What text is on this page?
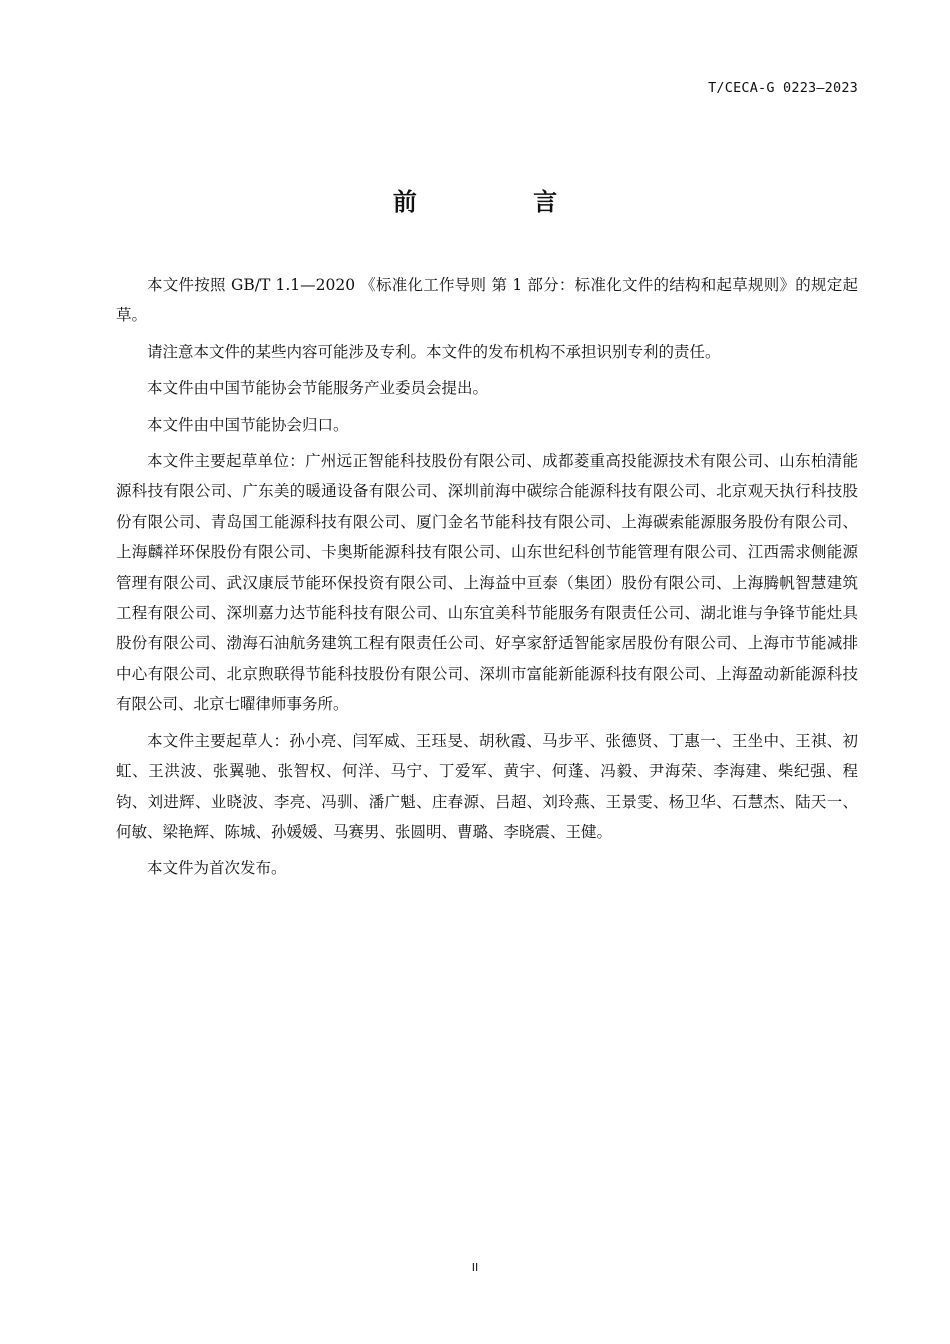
T/CECA-G 0223—2023
前 言

本文件按照 GB/T 1.1—2020 《标准化工作导则 第 1 部分：标准化文件的结构和起草规则》的规定起草。

请注意本文件的某些内容可能涉及专利。本文件的发布机构不承担识别专利的责任。

本文件由中国节能协会节能服务产业委员会提出。

本文件由中国节能协会归口。

本文件主要起草单位：广州远正智能科技股份有限公司、成都菱重高投能源技术有限公司、山东柏清能源科技有限公司、广东美的暖通设备有限公司、深圳前海中碳综合能源科技有限公司、北京观天执行科技股份有限公司、青岛国工能源科技有限公司、厦门金名节能科技有限公司、上海碳索能源服务股份有限公司、上海麟祥环保股份有限公司、卡奥斯能源科技有限公司、山东世纪科创节能管理有限公司、江西需求侧能源管理有限公司、武汉康辰节能环保投资有限公司、上海益中亘泰（集团）股份有限公司、上海腾帆智慧建筑工程有限公司、深圳嘉力达节能科技有限公司、山东宜美科节能服务有限责任公司、湖北谁与争锋节能灶具股份有限公司、渤海石油航务建筑工程有限责任公司、好享家舒适智能家居股份有限公司、上海市节能减排中心有限公司、北京煦联得节能科技股份有限公司、深圳市富能新能源科技有限公司、上海盈动新能源科技有限公司、北京七曜律师事务所。

本文件主要起草人：孙小亮、闫军威、王珏旻、胡秋霞、马步平、张德贤、丁惠一、王坐中、王祺、初虹、王洪波、张翼驰、张智权、何洋、马宁、丁爱军、黄宇、何蓬、冯毅、尹海荣、李海建、柴纪强、程钧、刘进辉、业晓波、李亮、冯驯、潘广魁、庄春源、吕超、刘玲燕、王景雯、杨卫华、石慧杰、陆天一、何敏、梁艳辉、陈城、孙媛媛、马赛男、张圆明、曹璐、李晓震、王健。

本文件为首次发布。

II
